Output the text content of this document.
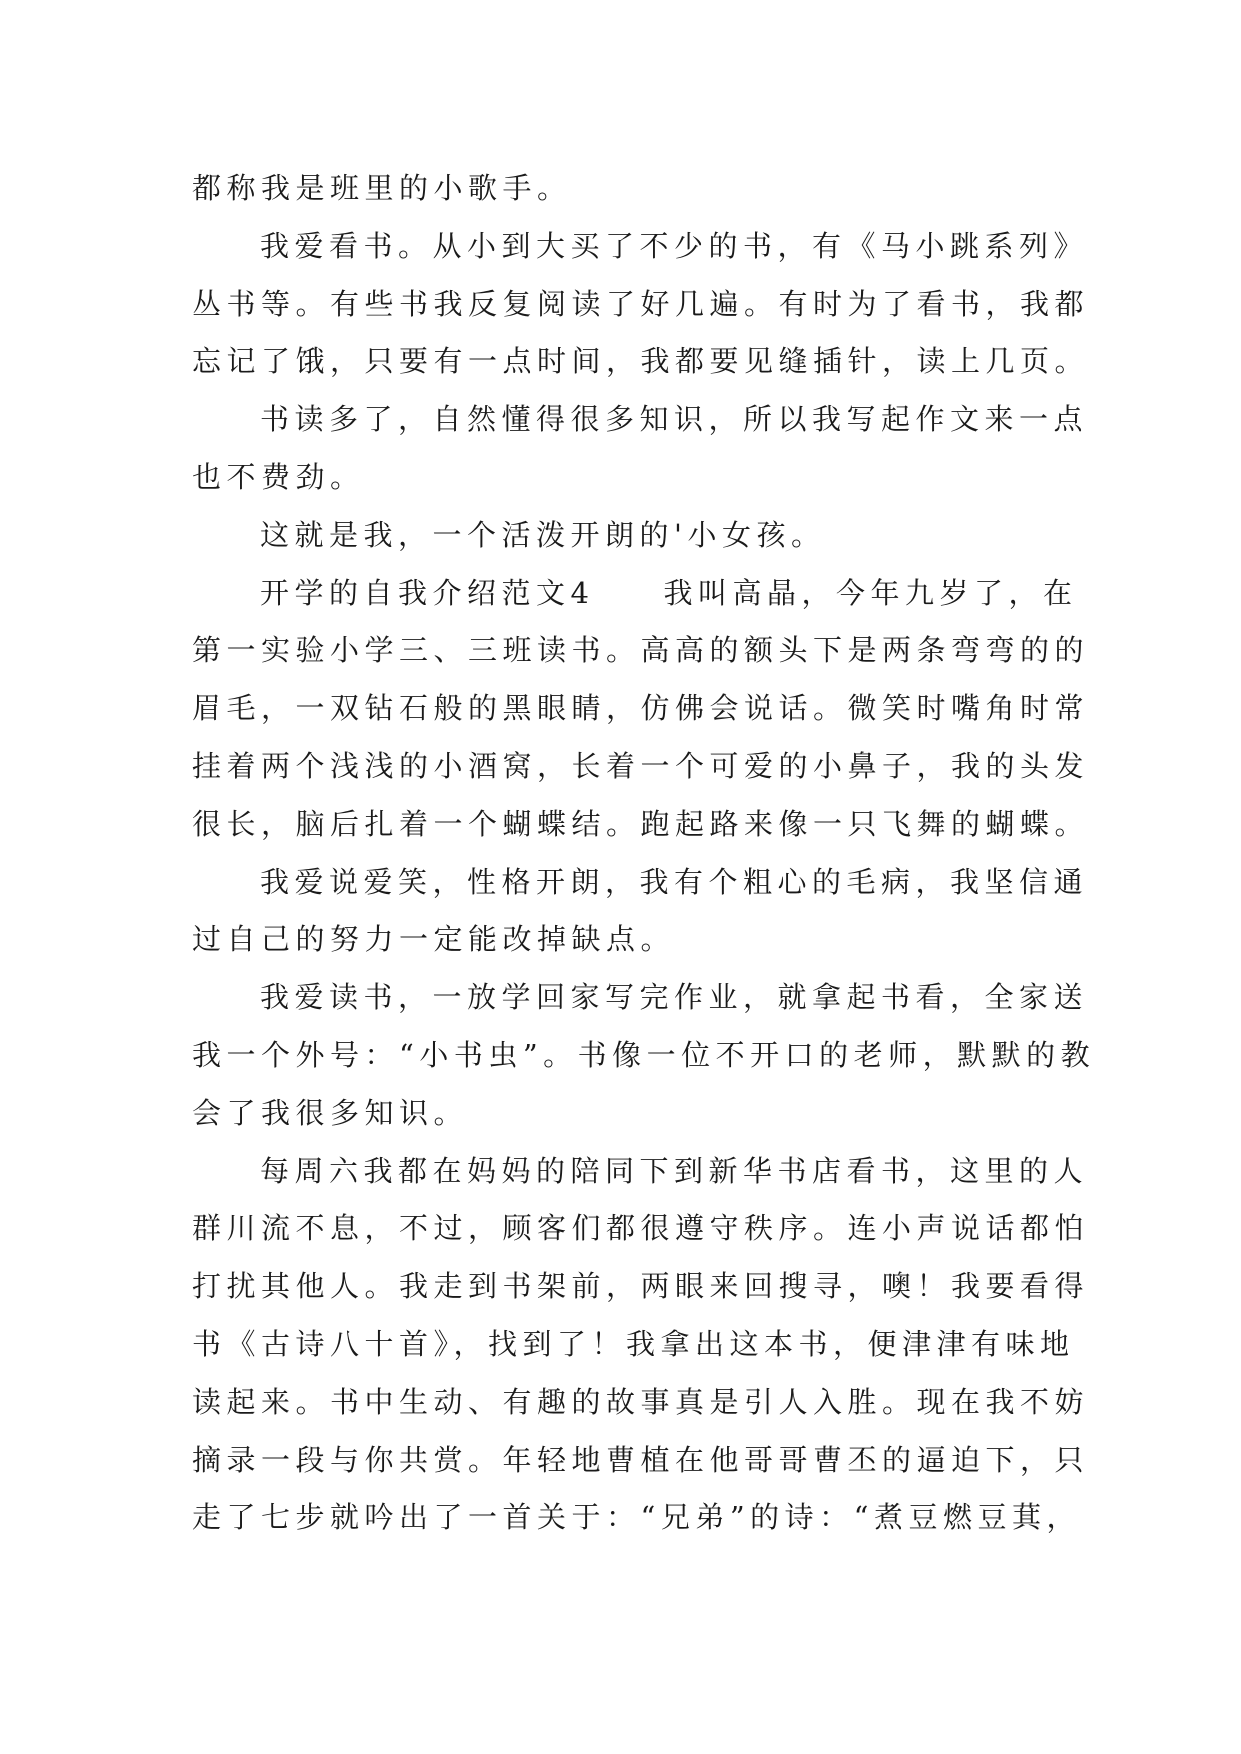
都称我是班里的小歌手。
我爱看书。从小到大买了不少的书，有《马小跳系列》
丛书等。有些书我反复阅读了好几遍。有时为了看书，我都
忘记了饿，只要有一点时间，我都要见缝插针，读上几页。
书读多了，自然懂得很多知识，所以我写起作文来一点
也不费劲。
这就是我，一个活泼开朗的'小女孩。
开学的自我介绍范文4　　我叫高晶，今年九岁了，在
第一实验小学三、三班读书。高高的额头下是两条弯弯的的
眉毛，一双钻石般的黑眼睛，仿佛会说话。微笑时嘴角时常
挂着两个浅浅的小酒窝，长着一个可爱的小鼻子，我的头发
很长，脑后扎着一个蝴蝶结。跑起路来像一只飞舞的蝴蝶。
我爱说爱笑，性格开朗，我有个粗心的毛病，我坚信通
过自己的努力一定能改掉缺点。
我爱读书，一放学回家写完作业，就拿起书看，全家送
我一个外号：“小书虫”。书像一位不开口的老师，默默的教
会了我很多知识。
每周六我都在妈妈的陪同下到新华书店看书，这里的人
群川流不息，不过，顾客们都很遵守秩序。连小声说话都怕
打扰其他人。我走到书架前，两眼来回搜寻，噢！我要看得
书《古诗八十首》，找到了！我拿出这本书，便津津有味地
读起来。书中生动、有趣的故事真是引人入胜。现在我不妨
摘录一段与你共赏。年轻地曹植在他哥哥曹丕的逼迫下，只
走了七步就吟出了一首关于：“兄弟”的诗：“煮豆燃豆萁，
